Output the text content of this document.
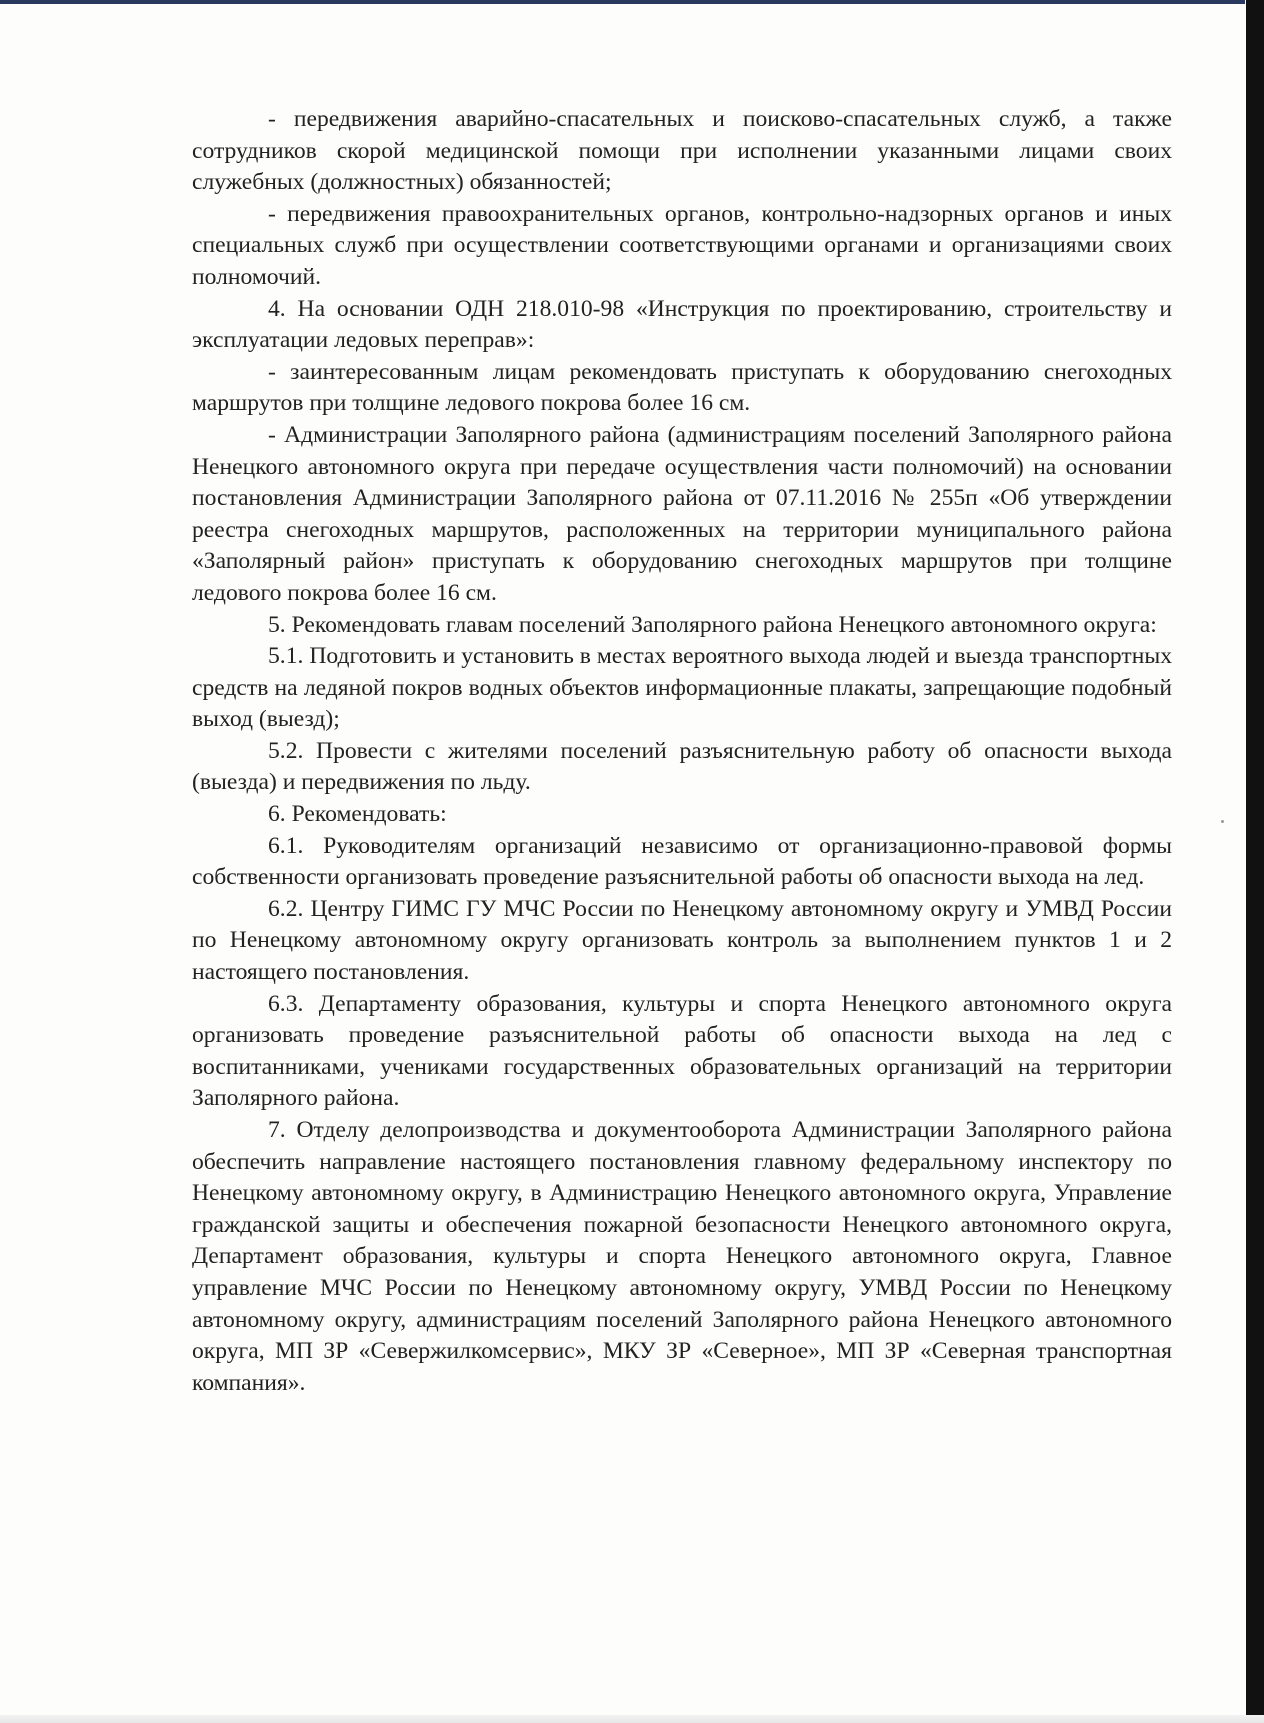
- передвижения аварийно-спасательных и поисково-спасательных служб, а также сотрудников скорой медицинской помощи при исполнении указанными лицами своих служебных (должностных) обязанностей;

- передвижения правоохранительных органов, контрольно-надзорных органов и иных специальных служб при осуществлении соответствующими органами и организациями своих полномочий.

4. На основании ОДН 218.010-98 «Инструкция по проектированию, строительству и эксплуатации ледовых переправ»:

- заинтересованным лицам рекомендовать приступать к оборудованию снегоходных маршрутов при толщине ледового покрова более 16 см.

- Администрации Заполярного района (администрациям поселений Заполярного района Ненецкого автономного округа при передаче осуществления части полномочий) на основании постановления Администрации Заполярного района от 07.11.2016 № 255п «Об утверждении реестра снегоходных маршрутов, расположенных на территории муниципального района «Заполярный район» приступать к оборудованию снегоходных маршрутов при толщине ледового покрова более 16 см.

5. Рекомендовать главам поселений Заполярного района Ненецкого автономного округа:

5.1. Подготовить и установить в местах вероятного выхода людей и выезда транспортных средств на ледяной покров водных объектов информационные плакаты, запрещающие подобный выход (выезд);

5.2. Провести с жителями поселений разъяснительную работу об опасности выхода (выезда) и передвижения по льду.

6. Рекомендовать:

6.1. Руководителям организаций независимо от организационно-правовой формы собственности организовать проведение разъяснительной работы об опасности выхода на лед.

6.2. Центру ГИМС ГУ МЧС России по Ненецкому автономному округу и УМВД России по Ненецкому автономному округу организовать контроль за выполнением пунктов 1 и 2 настоящего постановления.

6.3. Департаменту образования, культуры и спорта Ненецкого автономного округа организовать проведение разъяснительной работы об опасности выхода на лед с воспитанниками, учениками государственных образовательных организаций на территории Заполярного района.

7. Отделу делопроизводства и документооборота Администрации Заполярного района обеспечить направление настоящего постановления главному федеральному инспектору по Ненецкому автономному округу, в Администрацию Ненецкого автономного округа, Управление гражданской защиты и обеспечения пожарной безопасности Ненецкого автономного округа, Департамент образования, культуры и спорта Ненецкого автономного округа, Главное управление МЧС России по Ненецкому автономному округу, УМВД России по Ненецкому автономному округу, администрациям поселений Заполярного района Ненецкого автономного округа, МП ЗР «Севержилкомсервис», МКУ ЗР «Северное», МП ЗР «Северная транспортная компания».
